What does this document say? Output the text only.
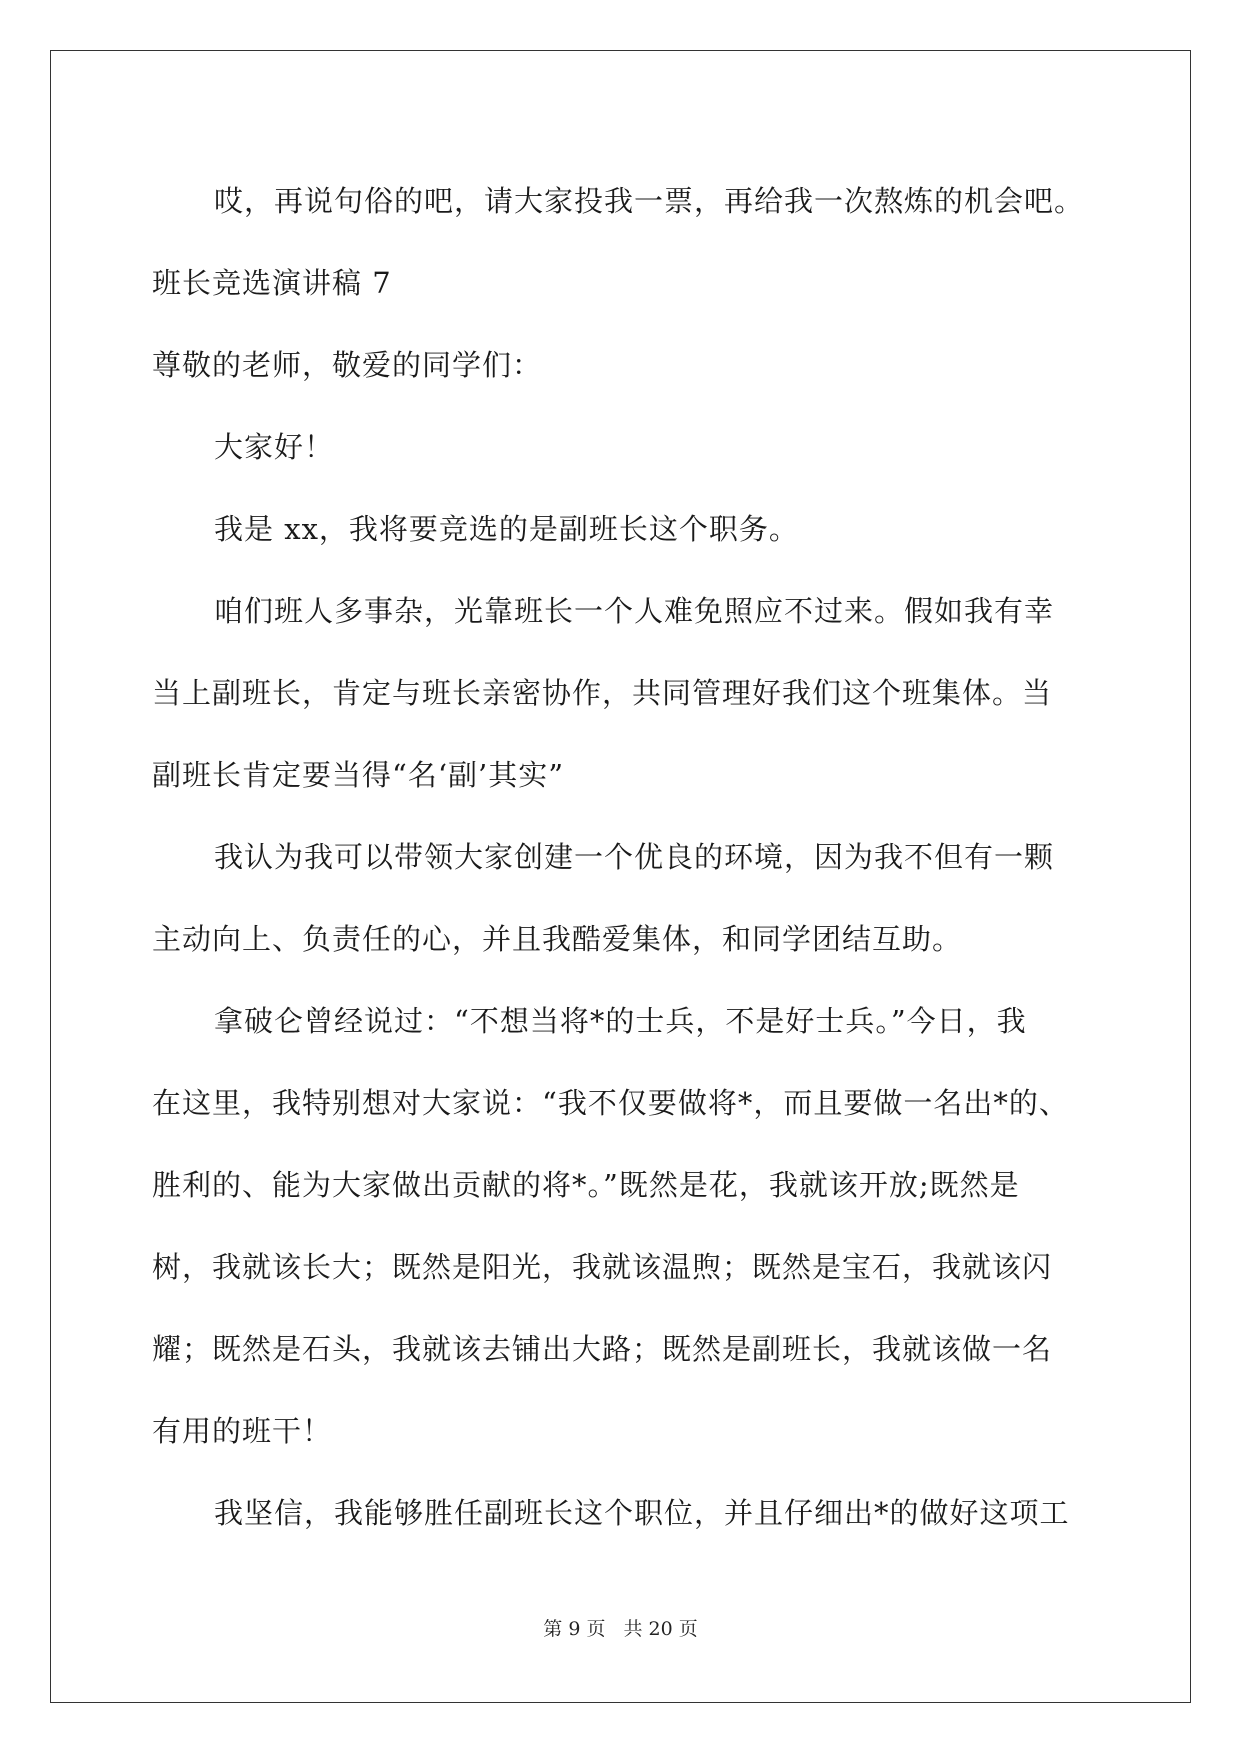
哎，再说句俗的吧，请大家投我一票，再给我一次熬炼的机会吧。
班长竞选演讲稿 7
尊敬的老师，敬爱的同学们：
大家好！
我是 xx，我将要竞选的是副班长这个职务。
咱们班人多事杂，光靠班长一个人难免照应不过来。假如我有幸
当上副班长，肯定与班长亲密协作，共同管理好我们这个班集体。当
副班长肯定要当得“名‘副’其实”
我认为我可以带领大家创建一个优良的环境，因为我不但有一颗
主动向上、负责任的心，并且我酷爱集体，和同学团结互助。
拿破仑曾经说过：“不想当将*的士兵，不是好士兵。”今日，我
在这里，我特别想对大家说：“我不仅要做将*，而且要做一名出*的、
胜利的、能为大家做出贡献的将*。”既然是花，我就该开放;既然是
树，我就该长大；既然是阳光，我就该温煦；既然是宝石，我就该闪
耀；既然是石头，我就该去铺出大路；既然是副班长，我就该做一名
有用的班干！
我坚信，我能够胜任副班长这个职位，并且仔细出*的做好这项工
第 9 页 共 20 页
